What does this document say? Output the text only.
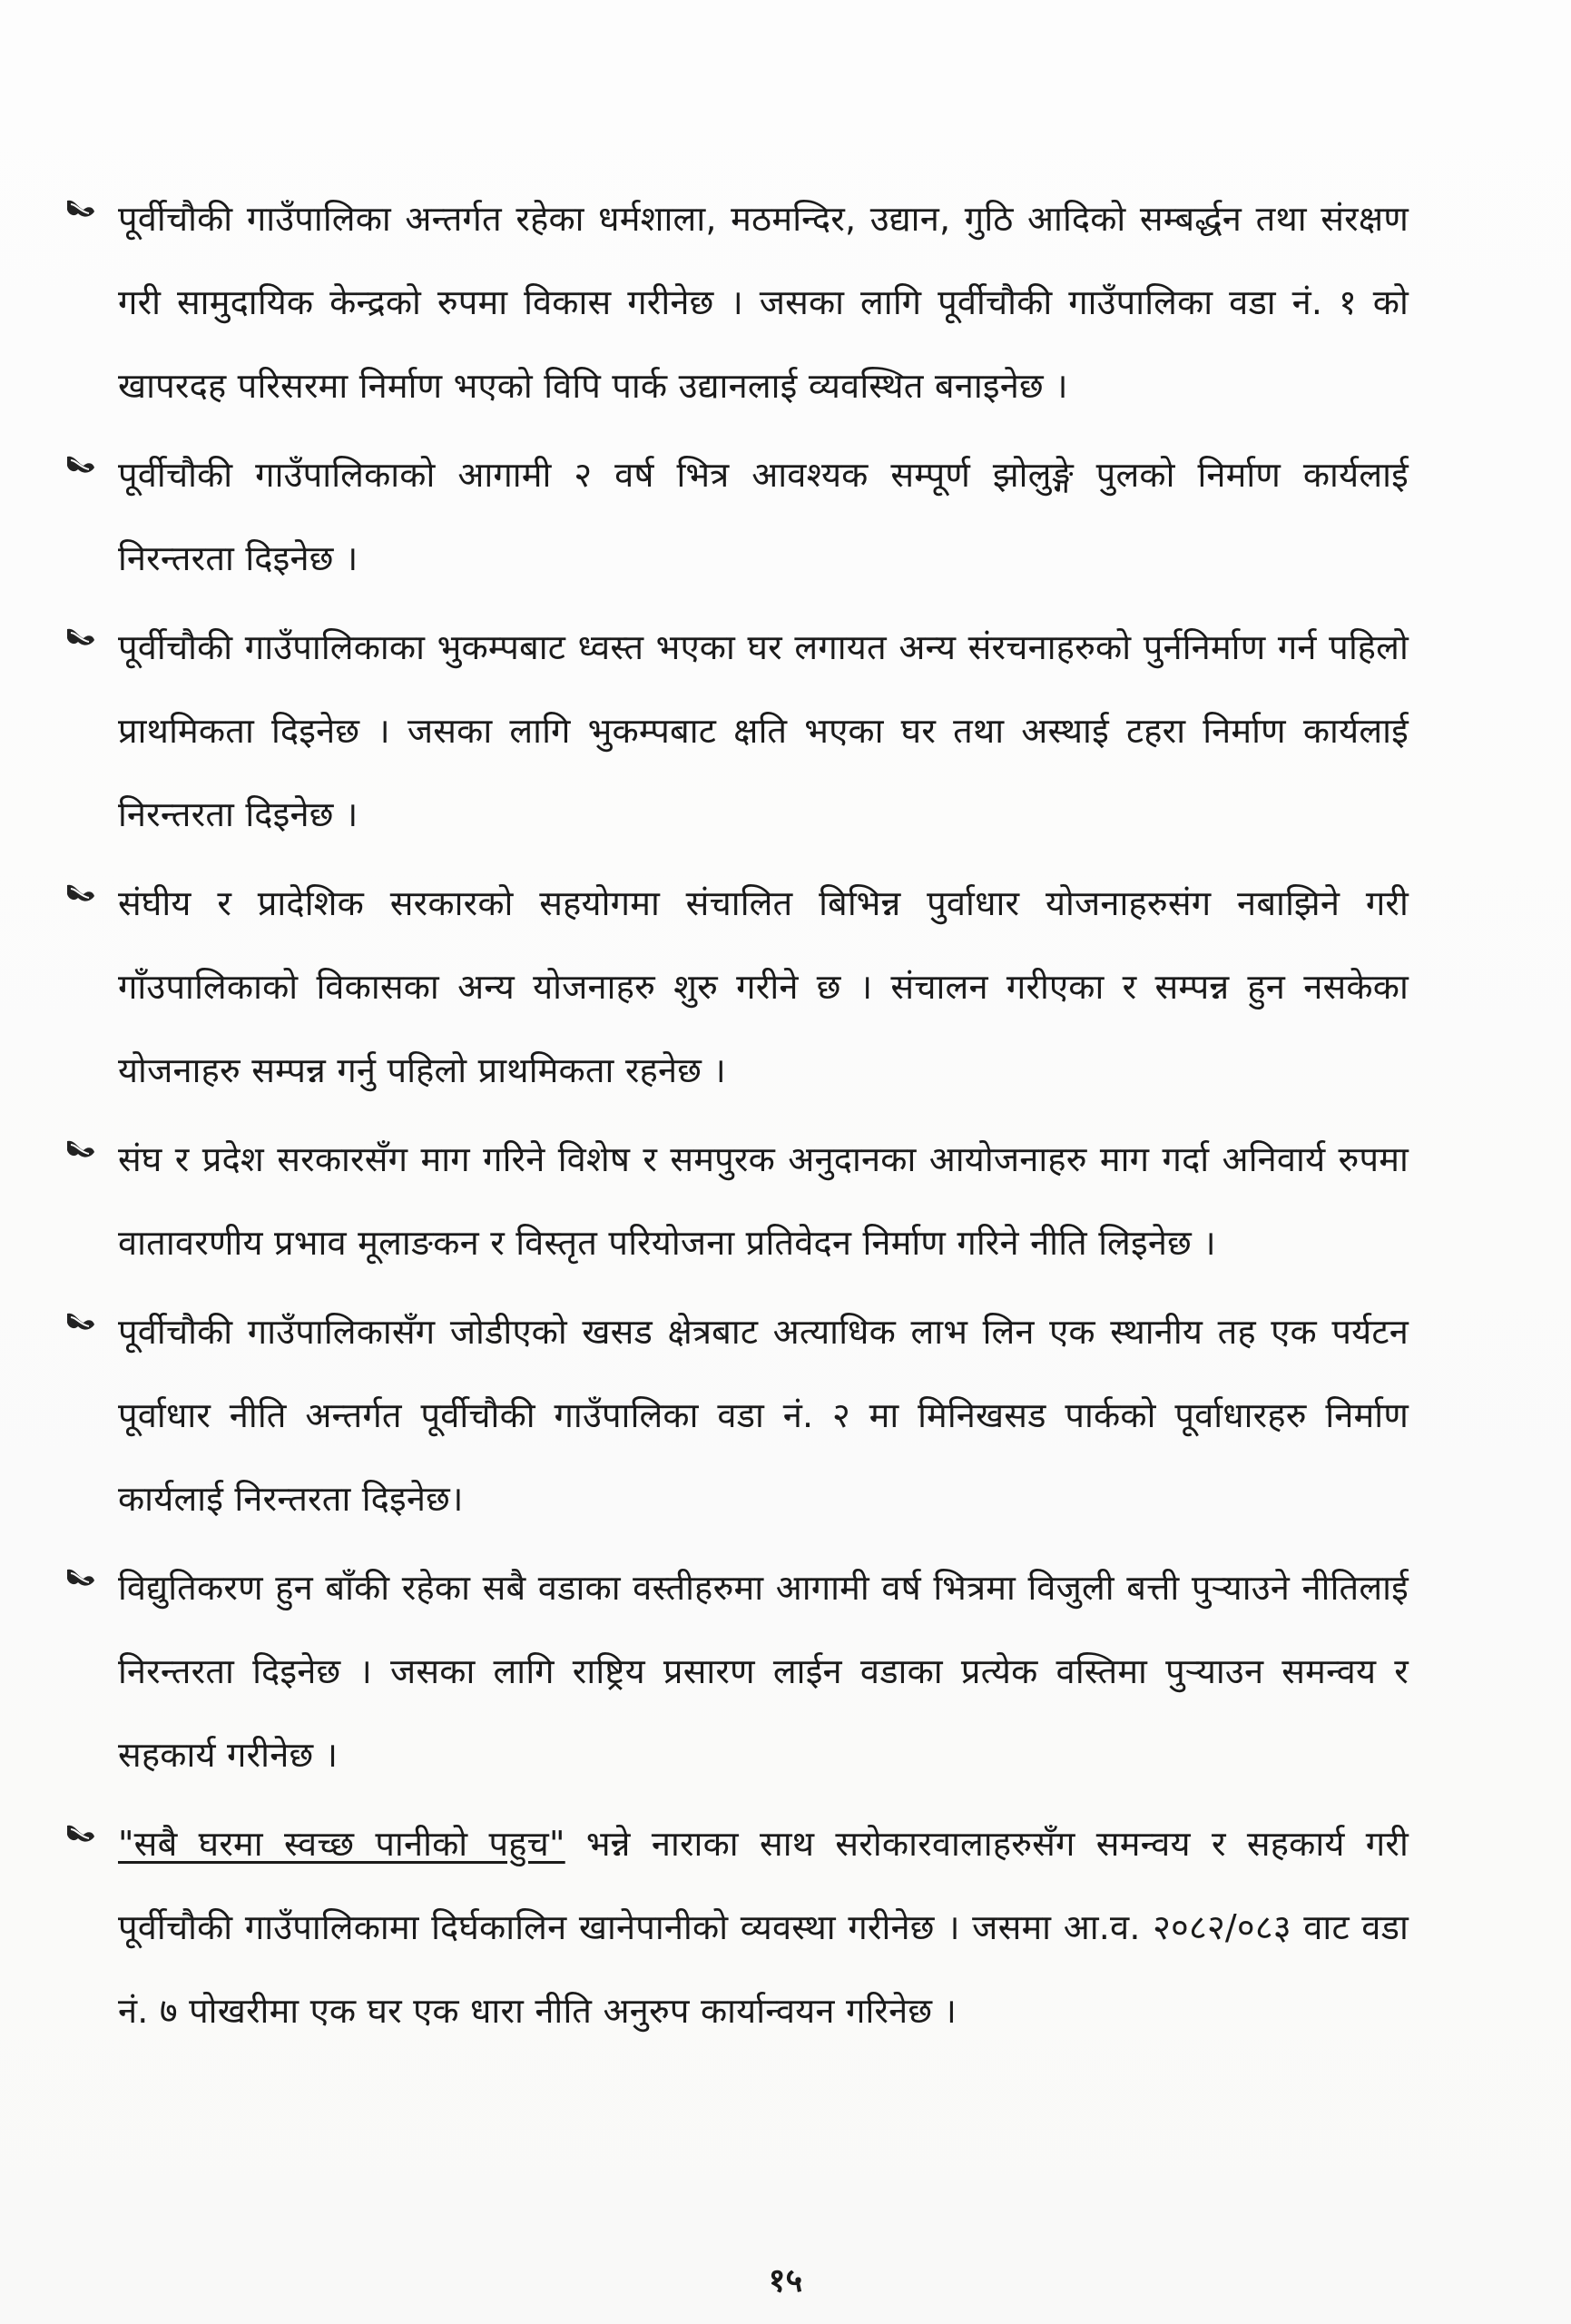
पूर्वीचौकी गाउँपालिका अन्तर्गत रहेका धर्मशाला, मठमन्दिर, उद्यान, गुठि आदिको सम्बर्द्धन तथा संरक्षण गरी सामुदायिक केन्द्रको रुपमा विकास गरीनेछ । जसका लागि पूर्वीचौकी गाउँपालिका वडा नं. १ को खापरदह परिसरमा निर्माण भएको विपि पार्क उद्यानलाई व्यवस्थित बनाइनेछ ।
पूर्वीचौकी गाउँपालिकाको आगामी २ वर्ष भित्र आवश्यक सम्पूर्ण झोलुङ्गे पुलको निर्माण कार्यलाई निरन्तरता दिइनेछ ।
पूर्वीचौकी गाउँपालिकाका भुकम्पबाट ध्वस्त भएका घर लगायत अन्य संरचनाहरुको पुर्ननिर्माण गर्न पहिलो प्राथमिकता दिइनेछ । जसका लागि भुकम्पबाट क्षति भएका घर तथा अस्थाई टहरा निर्माण कार्यलाई निरन्तरता दिइनेछ ।
संघीय र प्रादेशिक सरकारको सहयोगमा संचालित बिभिन्न पुर्वाधार योजनाहरुसंग नबाझिने गरी गाँउपालिकाको विकासका अन्य योजनाहरु शुरु गरीने छ । संचालन गरीएका र सम्पन्न हुन नसकेका योजनाहरु सम्पन्न गर्नु पहिलो प्राथमिकता रहनेछ ।
संघ र प्रदेश सरकारसँग माग गरिने विशेष र समपुरक अनुदानका आयोजनाहरु माग गर्दा अनिवार्य रुपमा वातावरणीय प्रभाव मूलाङकन र विस्तृत परियोजना प्रतिवेदन निर्माण गरिने नीति लिइनेछ ।
पूर्वीचौकी गाउँपालिकासँग जोडीएको खसड क्षेत्रबाट अत्याधिक लाभ लिन एक स्थानीय तह एक पर्यटन पूर्वाधार नीति अन्तर्गत पूर्वीचौकी गाउँपालिका वडा नं. २ मा मिनिखसड पार्कको पूर्वाधारहरु निर्माण कार्यलाई निरन्तरता दिइनेछ।
विद्युतिकरण हुन बाँकी रहेका सबै वडाका वस्तीहरुमा आगामी वर्ष भित्रमा विजुली बत्ती पुऱ्याउने नीतिलाई निरन्तरता दिइनेछ । जसका लागि राष्ट्रिय प्रसारण लाईन वडाका प्रत्येक वस्तिमा पुऱ्याउन समन्वय र सहकार्य गरीनेछ ।
"सबै घरमा स्वच्छ पानीको पहुच" भन्ने नाराका साथ सरोकारवालाहरुसँग समन्वय र सहकार्य गरी पूर्वीचौकी गाउँपालिकामा दिर्घकालिन खानेपानीको व्यवस्था गरीनेछ । जसमा आ.व. २०८२/०८३ वाट वडा नं. ७ पोखरीमा एक घर एक धारा नीति अनुरुप कार्यान्वयन गरिनेछ ।
१५
